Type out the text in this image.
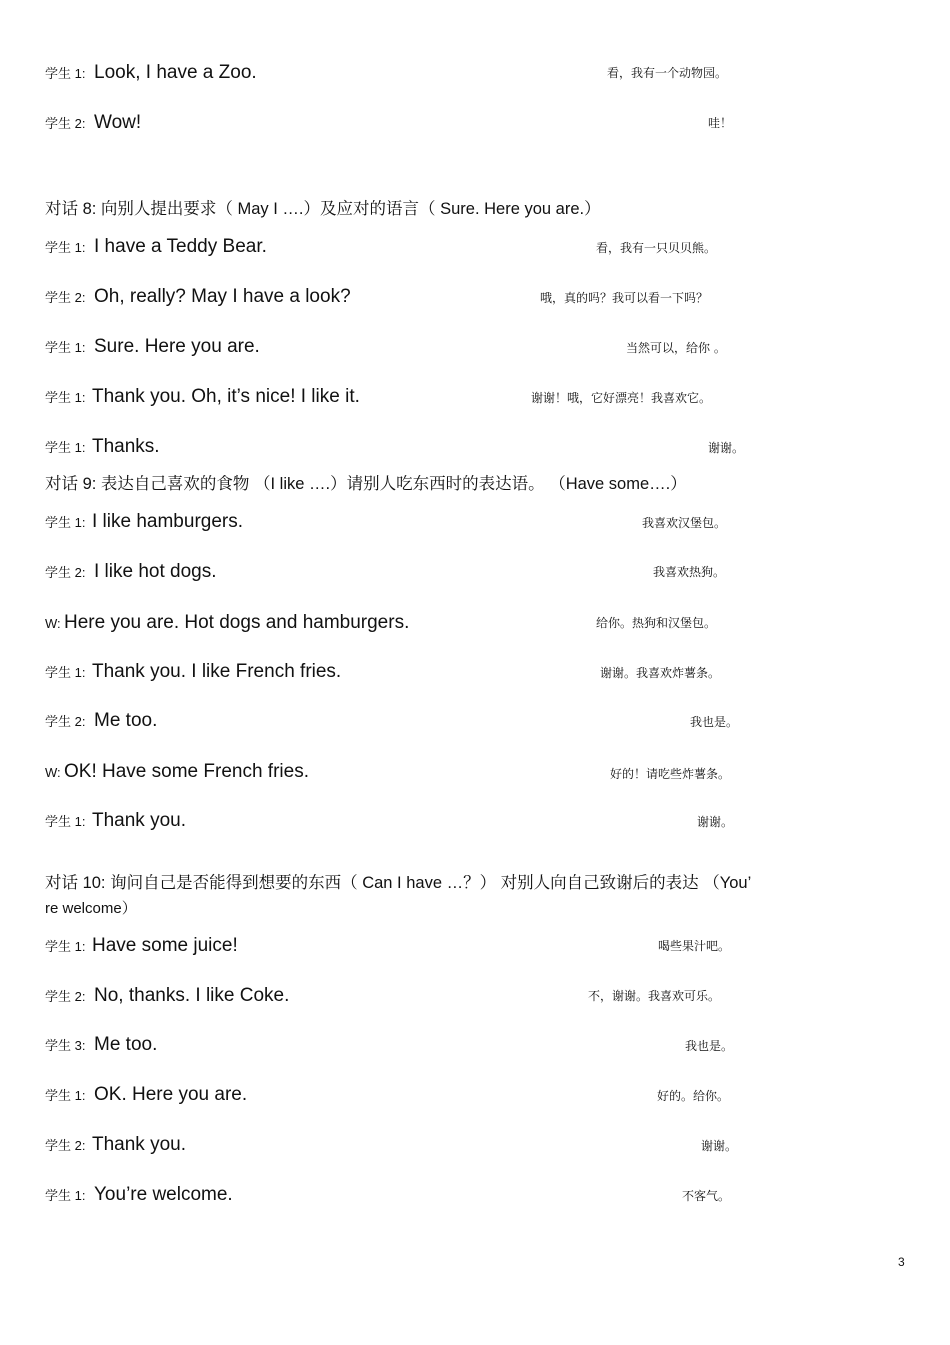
学生 1: Look, I have a Zoo.	看，我有一个动物园。
学生 2: Wow!	哇！
对话 8: 向别人提出要求（ May I ….）及应对的语言（ Sure. Here you are.）
学生 1: I have a Teddy Bear.	看，我有一只贝贝熊。
学生 2: Oh, really? May I have a look?	哦，真的吗？我可以看一下吗？
学生 1: Sure. Here you are.	当然可以，给你 。
学生 1: Thank you. Oh, it’s nice! I like it.	谢谢！哦，它好漂亮！我喜欢它。
学生 1: Thanks.	谢谢。
对话 9: 表达自己喜欢的食物 （I like ….）请别人吃东西时的表达语。 （Have some….）
学生 1: I like hamburgers.	我喜欢汉堡包。
学生 2: I like hot dogs.	我喜欢热狗。
W: Here you are. Hot dogs and hamburgers.	给你。热狗和汉堡包。
学生 1: Thank you. I like French fries.	谢谢。我喜欢炸薯条。
学生 2: Me too.	我也是。
W: OK! Have some French fries.	好的！请吃些炸薯条。
学生 1: Thank you.	谢谢。
对话 10: 询问自己是否能得到想要的东西（ Can I have …？） 对别人向自己致谢后的表达 （You’
re welcome）
学生 1: Have some juice!	喝些果汁吧。
学生 2: No, thanks. I like Coke.	不，谢谢。我喜欢可乐。
学生 3: Me too.	我也是。
学生 1: OK. Here you are.	好的。给你。
学生 2: Thank you.	谢谢。
学生 1: You’re welcome.	不客气。
3
